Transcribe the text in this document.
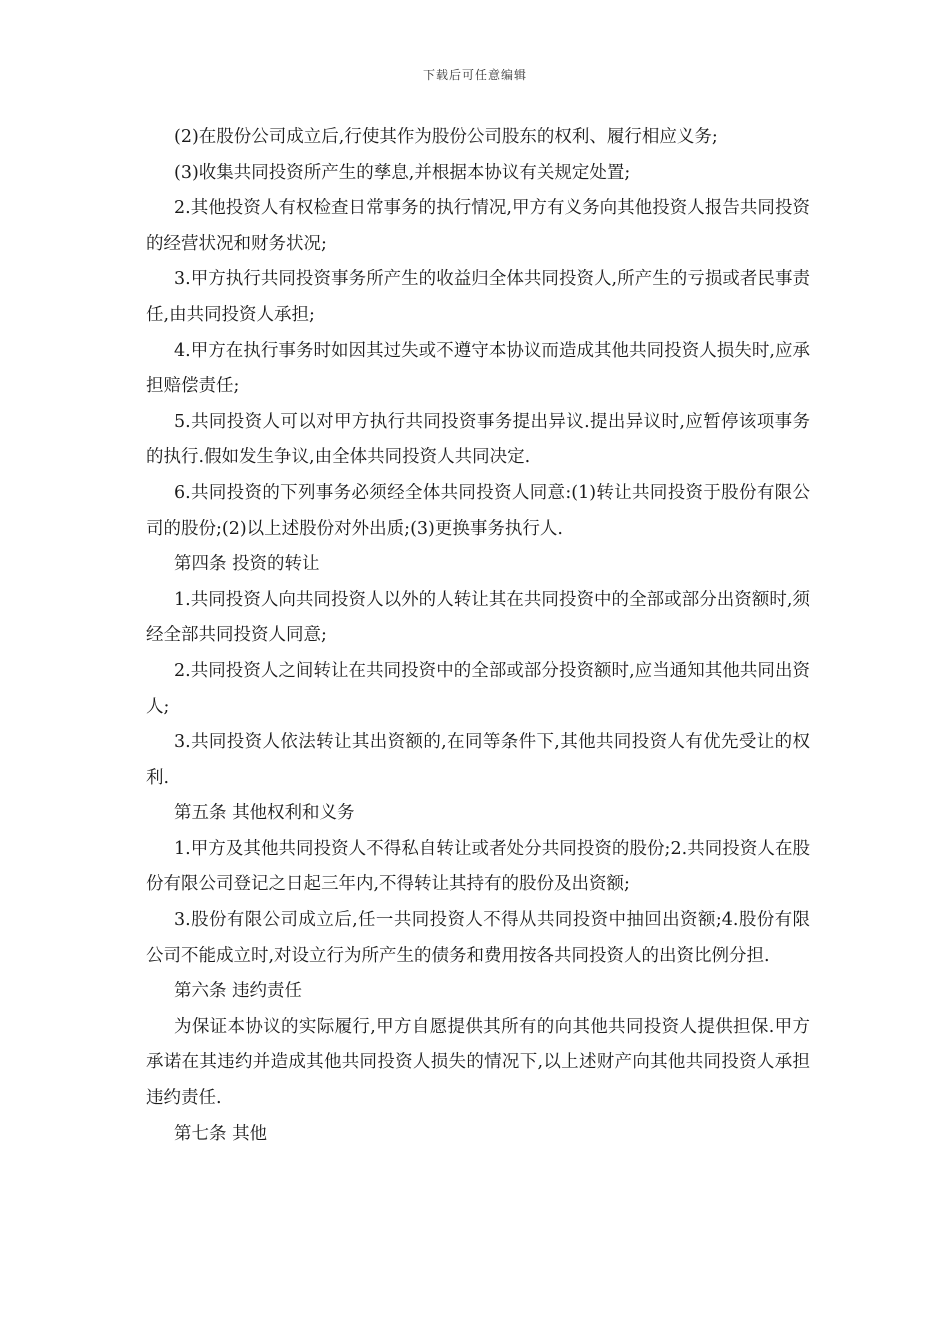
下载后可任意编辑

(2)在股份公司成立后,行使其作为股份公司股东的权利、履行相应义务;

(3)收集共同投资所产生的孳息,并根据本协议有关规定处置;

2.其他投资人有权检查日常事务的执行情况,甲方有义务向其他投资人报告共同投资的经营状况和财务状况;

3.甲方执行共同投资事务所产生的收益归全体共同投资人,所产生的亏损或者民事责任,由共同投资人承担;

4.甲方在执行事务时如因其过失或不遵守本协议而造成其他共同投资人损失时,应承担赔偿责任;

5.共同投资人可以对甲方执行共同投资事务提出异议.提出异议时,应暂停该项事务的执行.假如发生争议,由全体共同投资人共同决定.

6.共同投资的下列事务必须经全体共同投资人同意:(1)转让共同投资于股份有限公司的股份;(2)以上述股份对外出质;(3)更换事务执行人.

第四条 投资的转让

1.共同投资人向共同投资人以外的人转让其在共同投资中的全部或部分出资额时,须经全部共同投资人同意;

2.共同投资人之间转让在共同投资中的全部或部分投资额时,应当通知其他共同出资人;

3.共同投资人依法转让其出资额的,在同等条件下,其他共同投资人有优先受让的权利.

第五条 其他权利和义务

1.甲方及其他共同投资人不得私自转让或者处分共同投资的股份;2.共同投资人在股份有限公司登记之日起三年内,不得转让其持有的股份及出资额;

3.股份有限公司成立后,任一共同投资人不得从共同投资中抽回出资额;4.股份有限公司不能成立时,对设立行为所产生的债务和费用按各共同投资人的出资比例分担.

第六条 违约责任

为保证本协议的实际履行,甲方自愿提供其所有的向其他共同投资人提供担保.甲方承诺在其违约并造成其他共同投资人损失的情况下,以上述财产向其他共同投资人承担违约责任.

第七条 其他
